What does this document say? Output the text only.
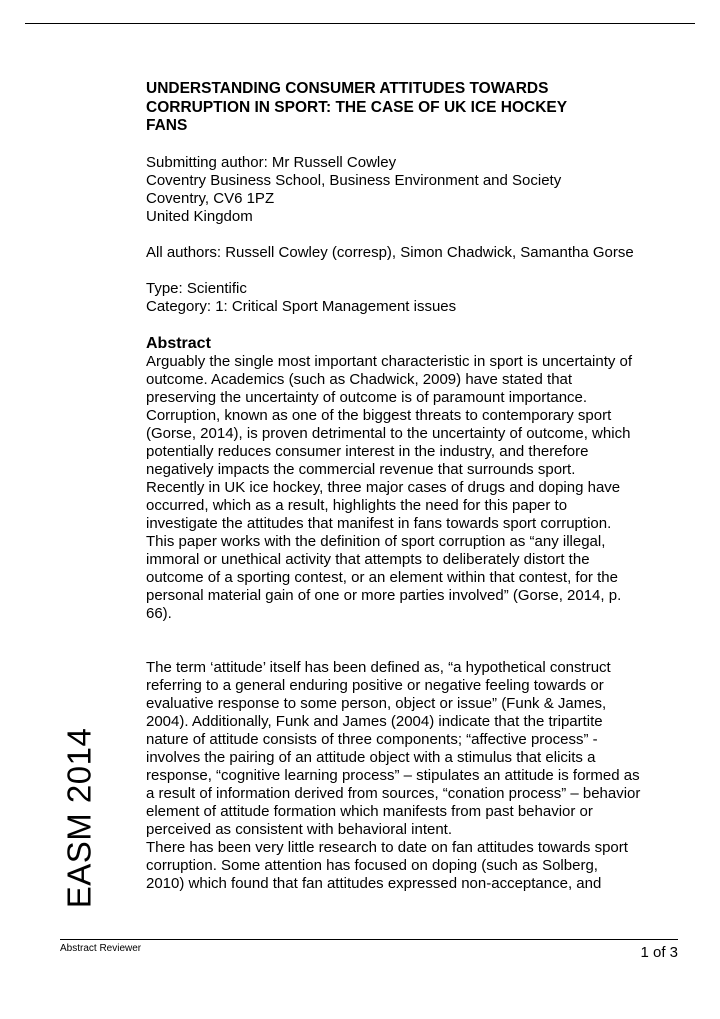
EASM 2014
UNDERSTANDING CONSUMER ATTITUDES TOWARDS
CORRUPTION IN SPORT: THE CASE OF UK ICE HOCKEY
FANS
Submitting author: Mr Russell Cowley
Coventry Business School, Business Environment and Society
Coventry, CV6 1PZ
United Kingdom
All authors: Russell Cowley (corresp), Simon Chadwick, Samantha Gorse
Type: Scientific
Category: 1: Critical Sport Management issues
Abstract
Arguably the single most important characteristic in sport is uncertainty of
outcome. Academics (such as Chadwick, 2009) have stated that
preserving the uncertainty of outcome is of paramount importance.
Corruption, known as one of the biggest threats to contemporary sport
(Gorse, 2014), is proven detrimental to the uncertainty of outcome, which
potentially reduces consumer interest in the industry, and therefore
negatively impacts the commercial revenue that surrounds sport.
Recently in UK ice hockey, three major cases of drugs and doping have
occurred, which as a result, highlights the need for this paper to
investigate the attitudes that manifest in fans towards sport corruption.
This paper works with the definition of sport corruption as “any illegal,
immoral or unethical activity that attempts to deliberately distort the
outcome of a sporting contest, or an element within that contest, for the
personal material gain of one or more parties involved” (Gorse, 2014, p.
66).
The term ‘attitude’ itself has been defined as, “a hypothetical construct
referring to a general enduring positive or negative feeling towards or
evaluative response to some person, object or issue” (Funk & James,
2004). Additionally, Funk and James (2004) indicate that the tripartite
nature of attitude consists of three components; “affective process” -
involves the pairing of an attitude object with a stimulus that elicits a
response, “cognitive learning process” – stipulates an attitude is formed as
a result of information derived from sources, “conation process” – behavior
element of attitude formation which manifests from past behavior or
perceived as consistent with behavioral intent.
There has been very little research to date on fan attitudes towards sport
corruption. Some attention has focused on doping (such as Solberg,
2010) which found that fan attitudes expressed non-acceptance, and
Abstract Reviewer	1 of 3
